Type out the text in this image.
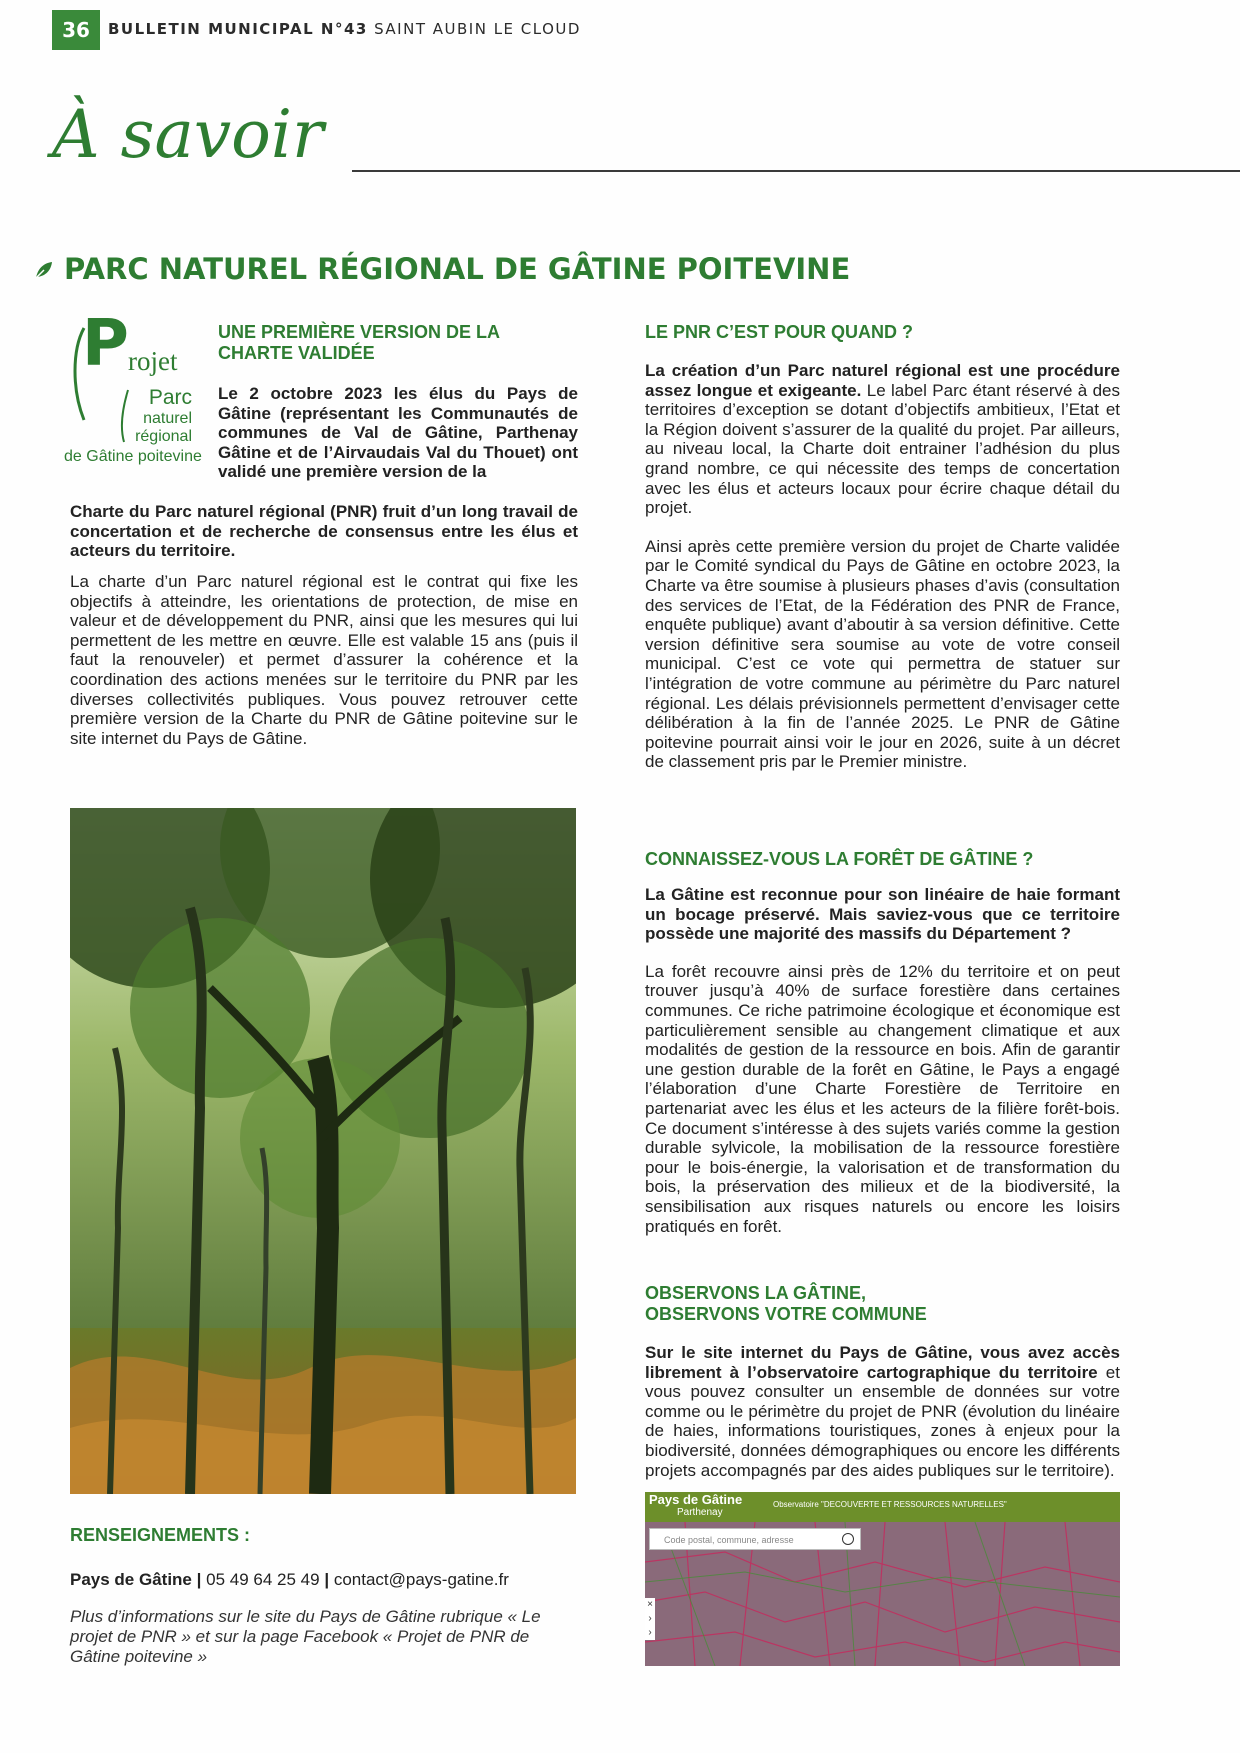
36	BULLETIN MUNICIPAL N°43 SAINT AUBIN LE CLOUD
À savoir
PARC NATUREL RÉGIONAL DE GÂTINE POITEVINE
P rojet
Parc
naturel
régional
de Gâtine poitevine
UNE PREMIÈRE VERSION DE LA CHARTE VALIDÉE

Le 2 octobre 2023 les élus du Pays de Gâtine (représentant les Communautés de communes de Val de Gâtine, Parthenay Gâtine et de l’Airvaudais Val du Thouet) ont validé une première version de la

Charte du Parc naturel régional (PNR) fruit d’un long travail de concertation et de recherche de consensus entre les élus et acteurs du territoire.

La charte d’un Parc naturel régional est le contrat qui fixe les objectifs à atteindre, les orientations de protection, de mise en valeur et de développement du PNR, ainsi que les mesures qui lui permettent de les mettre en œuvre. Elle est valable 15 ans (puis il faut la renouveler) et permet d’assurer la cohérence et la coordination des actions menées sur le territoire du PNR par les diverses collectivités publiques. Vous pouvez retrouver cette première version de la Charte du PNR de Gâtine poitevine sur le site internet du Pays de Gâtine.

RENSEIGNEMENTS :
Pays de Gâtine | 05 49 64 25 49 | contact@pays-gatine.fr
Plus d’informations sur le site du Pays de Gâtine rubrique « Le projet de PNR » et sur la page Facebook « Projet de PNR de Gâtine poitevine »
LE PNR C’EST POUR QUAND ?

La création d’un Parc naturel régional est une procédure assez longue et exigeante. Le label Parc étant réservé à des territoires d’exception se dotant d’objectifs ambitieux, l’Etat et la Région doivent s’assurer de la qualité du projet. Par ailleurs, au niveau local, la Charte doit entrainer l’adhésion du plus grand nombre, ce qui nécessite des temps de concertation avec les élus et acteurs locaux pour écrire chaque détail du projet.

Ainsi après cette première version du projet de Charte validée par le Comité syndical du Pays de Gâtine en octobre 2023, la Charte va être soumise à plusieurs phases d’avis (consultation des services de l’Etat, de la Fédération des PNR de France, enquête publique) avant d’aboutir à sa version définitive. Cette version définitive sera soumise au vote de votre conseil municipal. C’est ce vote qui permettra de statuer sur l’intégration de votre commune au périmètre du Parc naturel régional. Les délais prévisionnels permettent d’envisager cette délibération à la fin de l’année 2025. Le PNR de Gâtine poitevine pourrait ainsi voir le jour en 2026, suite à un décret de classement pris par le Premier ministre.

CONNAISSEZ-VOUS LA FORÊT DE GÂTINE ?

La Gâtine est reconnue pour son linéaire de haie formant un bocage préservé. Mais saviez-vous que ce territoire possède une majorité des massifs du Département ?

La forêt recouvre ainsi près de 12% du territoire et on peut trouver jusqu’à 40% de surface forestière dans certaines communes. Ce riche patrimoine écologique et économique est particulièrement sensible au changement climatique et aux modalités de gestion de la ressource en bois. Afin de garantir une gestion durable de la forêt en Gâtine, le Pays a engagé l’élaboration d’une Charte Forestière de Territoire en partenariat avec les élus et les acteurs de la filière forêt-bois. Ce document s’intéresse à des sujets variés comme la gestion durable sylvicole, la mobilisation de la ressource forestière pour le bois-énergie, la valorisation et de transformation du bois, la préservation des milieux et de la biodiversité, la sensibilisation aux risques naturels ou encore les loisirs pratiqués en forêt.

OBSERVONS LA GÂTINE,
OBSERVONS VOTRE COMMUNE

Sur le site internet du Pays de Gâtine, vous avez accès librement à l’observatoire cartographique du territoire et vous pouvez consulter un ensemble de données sur votre comme ou le périmètre du projet de PNR (évolution du linéaire de haies, informations touristiques, zones à enjeux pour la biodiversité, données démographiques ou encore les différents projets accompagnés par des aides publiques sur le territoire).

Pays de Gâtine
Parthenay
Observatoire "DECOUVERTE ET RESSOURCES NATURELLES"
Code postal, commune, adresse
×
›
›
